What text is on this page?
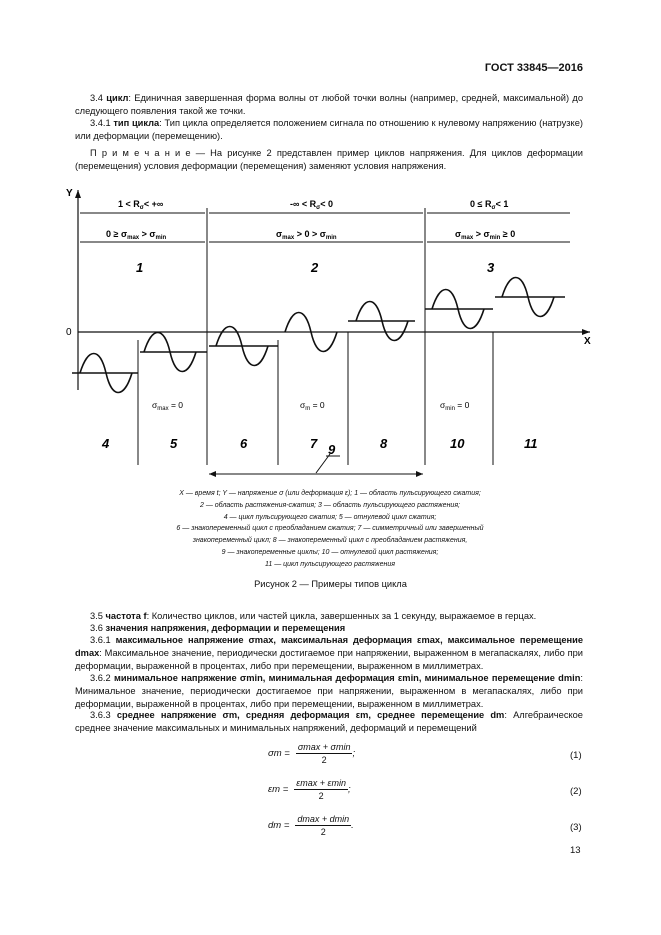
ГОСТ 33845—2016
3.4 цикл: Единичная завершенная форма волны от любой точки волны (например, средней, максимальной) до следующего появления такой же точки.
3.4.1 тип цикла: Тип цикла определяется положением сигнала по отношению к нулевому напряжению (натрузке) или деформации (перемещению).
П р и м е ч а н и е — На рисунке 2 представлен пример циклов напряжения. Для циклов деформации (перемещения) условия деформации (перемещения) заменяют условия напряжения.
Y
X
0
$1 < R_\sigma<$ +∞	-∞ < $R_\sigma< 0$	$0 \le R_\sigma< 1$
$0 \ge \sigma_{max} > \sigma_{min}$	$\sigma_{max} > 0 > \sigma_{min}$	$\sigma_{max} > \sigma_{min} \ge 0$
1	2	3
$\sigma_{max} = 0$	$\sigma_m = 0$	$\sigma_{min} = 0$
4	5	6	7	8	10	11
9
X — время t; Y — напряжение σ (или деформация ε); 1 — область пульсирующего сжатия;
2 — область растяжения-сжатия; 3 — область пульсирующего растяжения;
4 — цикл пульсирующего сжатия; 5 — отнулевой цикл сжатия;
6 — знакопеременный цикл с преобладанием сжатия; 7 — симметричный или завершенный
знакопеременный цикл; 8 — знакопеременный цикл с преобладанием растяжения,
9 — знакопеременные циклы; 10 — отнулевой цикл растяжения;
11 — цикл пульсирующего растяжения
Рисунок 2 — Примеры типов цикла
3.5 частота f: Количество циклов, или частей цикла, завершенных за 1 секунду, выражаемое в герцах.
3.6 значения напряжения, деформации и перемещения
3.6.1 максимальное напряжение σmax, максимальная деформация εmax, максимальное перемещение dmax: Максимальное значение, периодически достигаемое при напряжении, выраженном в мегапаскалях, либо при деформации, выраженной в процентах, либо при перемещении, выраженном в миллиметрах.
3.6.2 минимальное напряжение σmin, минимальная деформация εmin, минимальное перемещение dmin: Минимальное значение, периодически достигаемое при напряжении, выраженном в мегапаскалях, либо при деформации, выраженной в процентах, либо при перемещении, выраженном в миллиметрах.
3.6.3 среднее напряжение σm, средняя деформация εm, среднее перемещение dm: Алгебраическое среднее значение максимальных и минимальных напряжений, деформаций и перемещений
$\sigma m = \frac{\sigma\max + \sigma\min}{2}$ ;	(1)
$\varepsilon m = \frac{\varepsilon\max + \varepsilon\min}{2}$ ;	(2)
dm = $\frac{dmax + dmin}{2}$ .	(3)
13
